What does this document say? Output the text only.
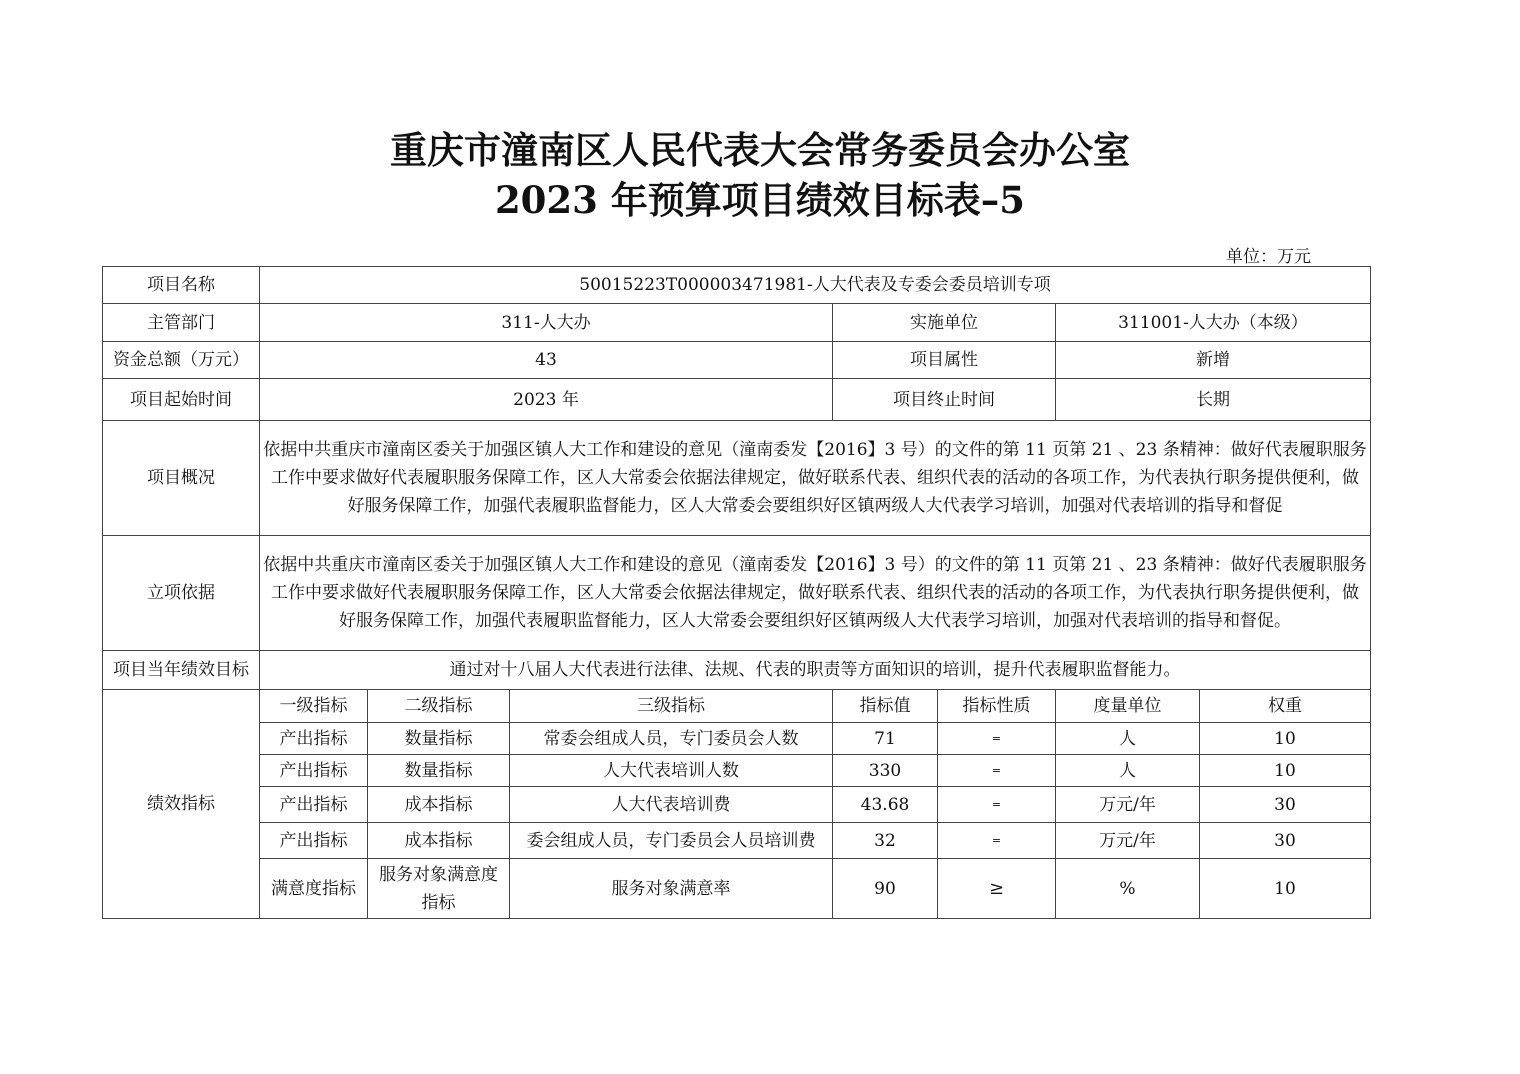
重庆市潼南区人民代表大会常务委员会办公室
2023 年预算项目绩效目标表–5
单位：万元
项目名称	50015223T000003471981-人大代表及专委会委员培训专项						
主管部门	311-人大办			实施单位		311001-人大办（本级）	
资金总额（万元）	43			项目属性		新增	
项目起始时间	2023 年			项目终止时间		长期	
项目概况	依据中共重庆市潼南区委关于加强区镇人大工作和建设的意见（潼南委发【2016】3 号）的文件的第 11 页第 21 、23 条精神：做好代表履职服务工作中要求做好代表履职服务保障工作，区人大常委会依据法律规定，做好联系代表、组织代表的活动的各项工作，为代表执行职务提供便利，做好服务保障工作，加强代表履职监督能力，区人大常委会要组织好区镇两级人大代表学习培训，加强对代表培训的指导和督促						
立项依据	依据中共重庆市潼南区委关于加强区镇人大工作和建设的意见（潼南委发【2016】3 号）的文件的第 11 页第 21 、23 条精神：做好代表履职服务工作中要求做好代表履职服务保障工作，区人大常委会依据法律规定，做好联系代表、组织代表的活动的各项工作，为代表执行职务提供便利，做好服务保障工作，加强代表履职监督能力，区人大常委会要组织好区镇两级人大代表学习培训，加强对代表培训的指导和督促。						
项目当年绩效目标	通过对十八届人大代表进行法律、法规、代表的职责等方面知识的培训，提升代表履职监督能力。						
绩效指标	一级指标	二级指标	三级指标	指标值	指标性质	度量单位	权重
	产出指标	数量指标	常委会组成人员，专门委员会人数	71	=	人	10
	产出指标	数量指标	人大代表培训人数	330	=	人	10
	产出指标	成本指标	人大代表培训费	43.68	=	万元/年	30
	产出指标	成本指标	委会组成人员，专门委员会人员培训费	32	=	万元/年	30
	满意度指标	服务对象满意度指标	服务对象满意率	90	≥	%	10
